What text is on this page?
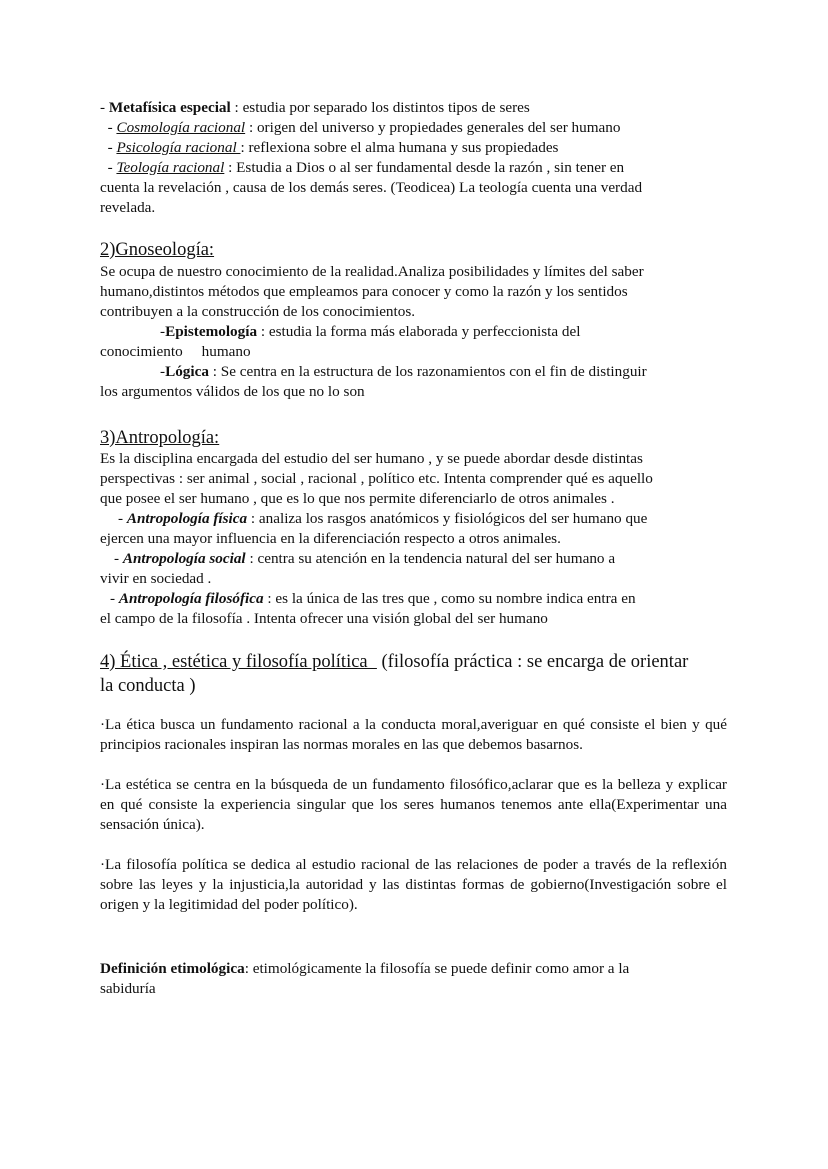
- Metafísica especial : estudia por separado los distintos tipos de seres
- Cosmología racional : origen del universo y propiedades generales del ser humano
- Psicología racional : reflexiona sobre el alma humana y sus propiedades
- Teología racional : Estudia a Dios o al ser fundamental desde la razón , sin tener en
cuenta la revelación , causa de los demás seres. (Teodicea) La teología cuenta una verdad
revelada.
2)Gnoseología:
Se ocupa de nuestro conocimiento de la realidad.Analiza posibilidades y límites del saber
humano,distintos métodos que empleamos para conocer y como la razón y los sentidos
contribuyen a la construcción de los conocimientos.
-Epistemología : estudia la forma más elaborada y perfeccionista del
conocimiento     humano
-Lógica : Se centra en la estructura de los razonamientos con el fin de distinguir
los argumentos válidos de los que no lo son
3)Antropología:
Es la disciplina encargada del estudio del ser humano , y se puede abordar desde distintas
perspectivas : ser animal , social , racional , político etc. Intenta comprender qué es aquello
que posee el ser humano , que es lo que nos permite diferenciarlo de otros animales .
- Antropología física : analiza los rasgos anatómicos y fisiológicos del ser humano que
ejercen una mayor influencia en la diferenciación respecto a otros animales.
- Antropología social : centra su atención en la tendencia natural del ser humano a
vivir en sociedad .
- Antropología filosófica : es la única de las tres que , como su nombre indica entra en
el campo de la filosofía . Intenta ofrecer una visión global del ser humano
4) Ética , estética y filosofía política   (filosofía práctica : se encarga de orientar
la conducta )
·La ética busca un fundamento racional a la conducta moral,averiguar en qué consiste el bien y qué principios racionales inspiran las normas morales en las que debemos basarnos.
·La estética se centra en la búsqueda de un fundamento filosófico,aclarar que es la belleza y explicar en qué consiste la experiencia singular que los seres humanos tenemos ante ella(Experimentar una sensación única).
·La filosofía política se dedica al estudio racional de las relaciones de poder a través de la reflexión sobre las leyes y la injusticia,la autoridad y las distintas formas de gobierno(Investigación sobre el origen y la legitimidad del poder político).
Definición etimológica: etimológicamente la filosofía se puede definir como amor a la
sabiduría
